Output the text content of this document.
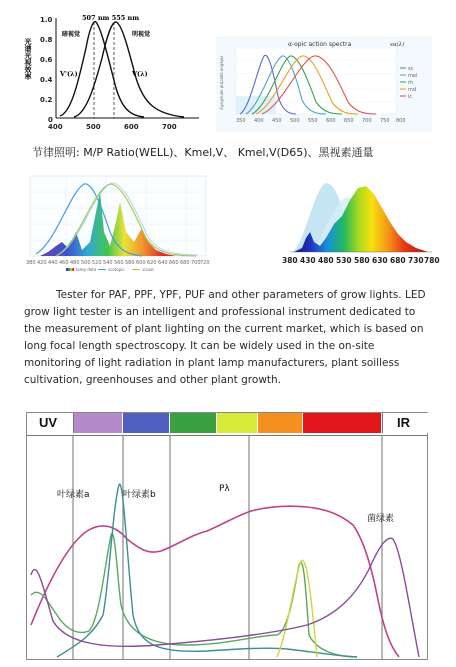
1.0
0.8
0.6
0.4
0.2
0
400	500	600	700
光谱光视效率
507 nm 555 nm
暗视觉	明视觉
V'(λ)	V(λ)
α-opic action spectra	sα(λ)
relative spectral sensitivity	sc
mel
rh
md
lc
350 400 450 500 550 600 650 700 750 800
节律照明: M/P Ratio(WELL)、Kmel,V、 Kmel,V(D65)、黑视素通量
380 420 440 460 480 500 520 540 560 580 600 620 640 660 680 700 720
lamp data	scotopic	visual
380 430 480 530 580 630 680 730 780
Tester for PAF, PPF, YPF, PUF and other parameters of grow lights. LED grow light tester is an intelligent and professional instrument dedicated to the measurement of plant lighting on the current market, which is based on long focal length spectroscopy. It can be widely used in the on-site monitoring of light radiation in plant lamp manufacturers, plant soilless cultivation, greenhouses and other plant growth.
UV	IR
叶绿素a	叶绿素b
Pλ
菌绿素
